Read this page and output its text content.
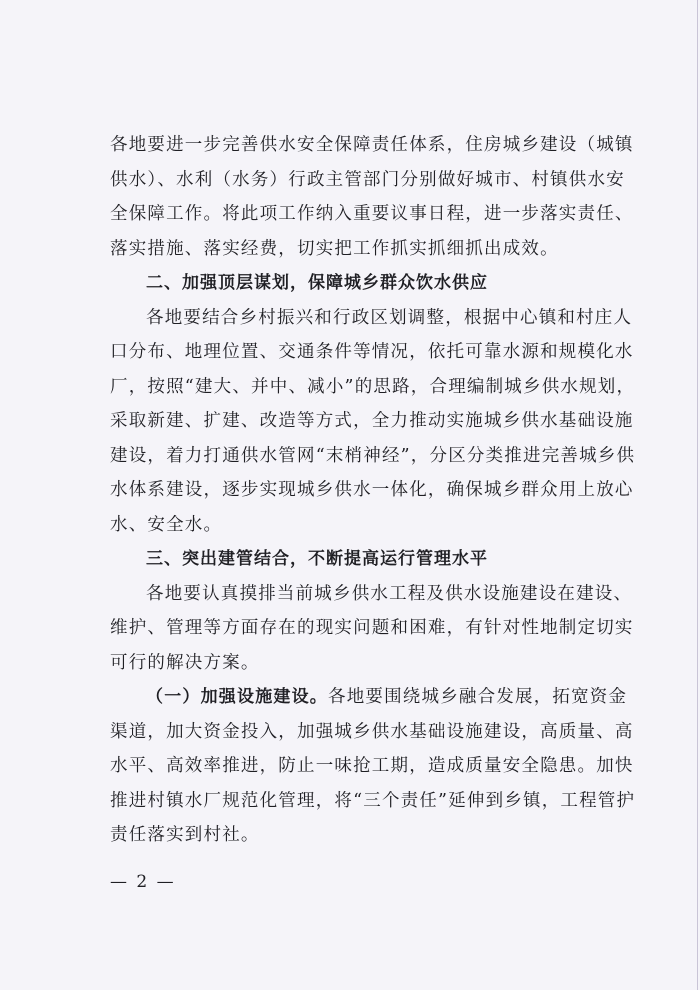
各地要进一步完善供水安全保障责任体系，住房城乡建设（城镇
供水）、水利（水务）行政主管部门分别做好城市、村镇供水安
全保障工作。将此项工作纳入重要议事日程，进一步落实责任、
落实措施、落实经费，切实把工作抓实抓细抓出成效。
二、加强顶层谋划，保障城乡群众饮水供应
各地要结合乡村振兴和行政区划调整，根据中心镇和村庄人
口分布、地理位置、交通条件等情况，依托可靠水源和规模化水
厂，按照“建大、并中、减小”的思路，合理编制城乡供水规划，
采取新建、扩建、改造等方式，全力推动实施城乡供水基础设施
建设，着力打通供水管网“末梢神经”，分区分类推进完善城乡供
水体系建设，逐步实现城乡供水一体化，确保城乡群众用上放心
水、安全水。
三、突出建管结合，不断提高运行管理水平
各地要认真摸排当前城乡供水工程及供水设施建设在建设、
维护、管理等方面存在的现实问题和困难，有针对性地制定切实
可行的解决方案。
（一）加强设施建设。各地要围绕城乡融合发展，拓宽资金
渠道，加大资金投入，加强城乡供水基础设施建设，高质量、高
水平、高效率推进，防止一味抢工期，造成质量安全隐患。加快
推进村镇水厂规范化管理，将“三个责任”延伸到乡镇，工程管护
责任落实到村社。
— 2 —
